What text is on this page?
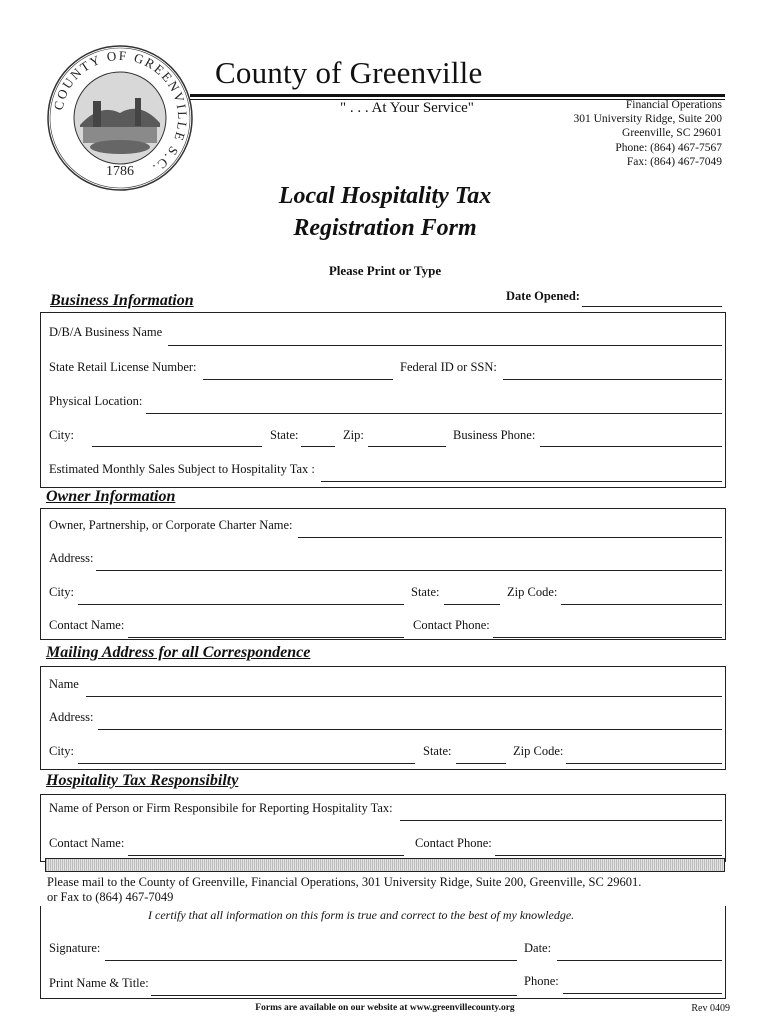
COUNTY OF GREENVILLE S.C.
1786
County of Greenville
" . . . At Your Service"	Financial Operations
301 University Ridge, Suite 200
Greenville, SC 29601
Phone: (864) 467-7567
Fax: (864) 467-7049
Local Hospitality Tax
Registration Form
Please Print or Type
Business Information	Date Opened:
D/B/A Business Name
State Retail License Number:	Federal ID or SSN:
Physical Location:
City:	State:	Zip:	Business Phone:
Estimated Monthly Sales Subject to Hospitality Tax :
Owner Information
Owner, Partnership, or Corporate Charter Name:
Address:
City:	State:	Zip Code:
Contact Name:	Contact Phone:
Mailing Address for all Correspondence
Name
Address:
City:	State:	Zip Code:
Hospitality Tax Responsibilty
Name of Person or Firm Responsibile for Reporting Hospitality Tax:
Contact Name:	Contact Phone:
Please mail to the County of Greenville, Financial Operations, 301 University Ridge, Suite 200, Greenville, SC 29601.
or Fax to (864) 467-7049
I certify that all information on this form is true and correct to the best of my knowledge.
Signature:	Date:
Print Name & Title:	Phone:
Forms are available on our website at www.greenvillecounty.org	Rev 0409
